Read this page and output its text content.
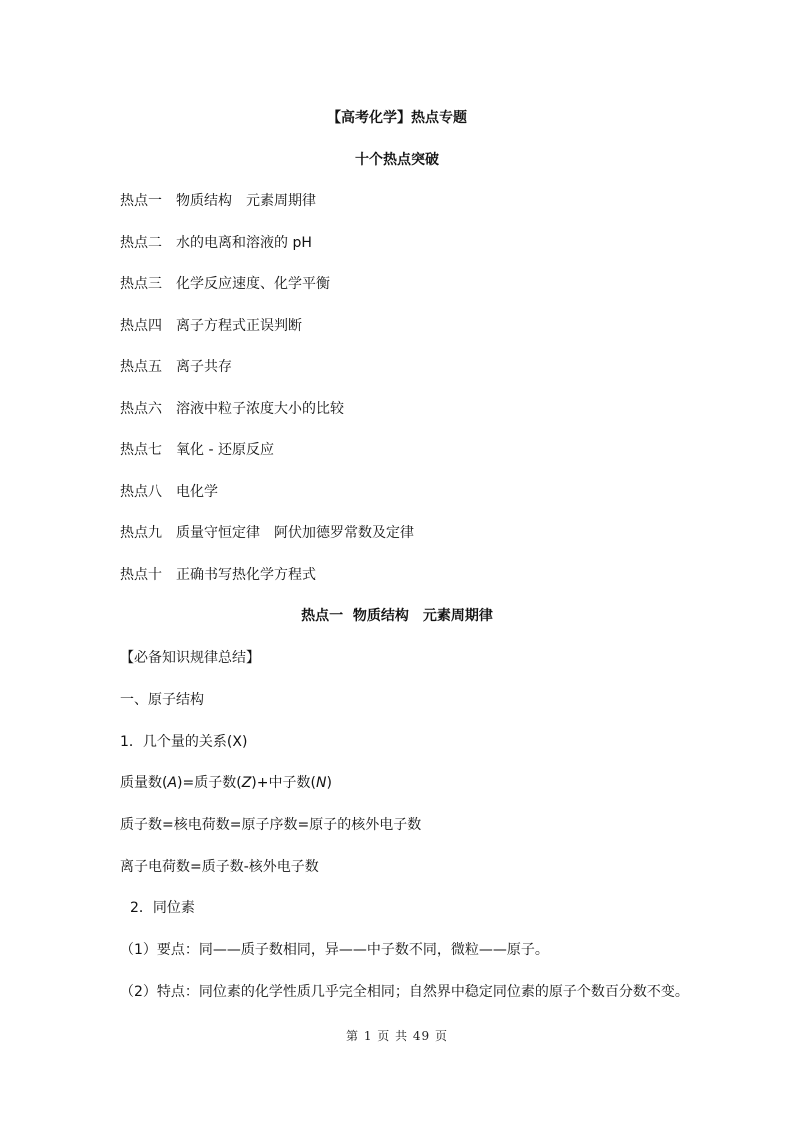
【高考化学】热点专题
十个热点突破
热点一　物质结构　元素周期律
热点二　水的电离和溶液的 pH
热点三　化学反应速度、化学平衡
热点四　离子方程式正误判断
热点五　离子共存
热点六　溶液中粒子浓度大小的比较
热点七　氧化 - 还原反应
热点八　电化学
热点九　质量守恒定律　阿伏加德罗常数及定律
热点十　正确书写热化学方程式
热点一  物质结构　元素周期律
【必备知识规律总结】
一、原子结构
1．几个量的关系(X)
质量数(A)=质子数(Z)+中子数(N)
质子数=核电荷数=原子序数=原子的核外电子数
离子电荷数=质子数-核外电子数
2．同位素
（1）要点：同——质子数相同，异——中子数不同，微粒——原子。
（2）特点：同位素的化学性质几乎完全相同；自然界中稳定同位素的原子个数百分数不变。
第 1 页 共 49 页
